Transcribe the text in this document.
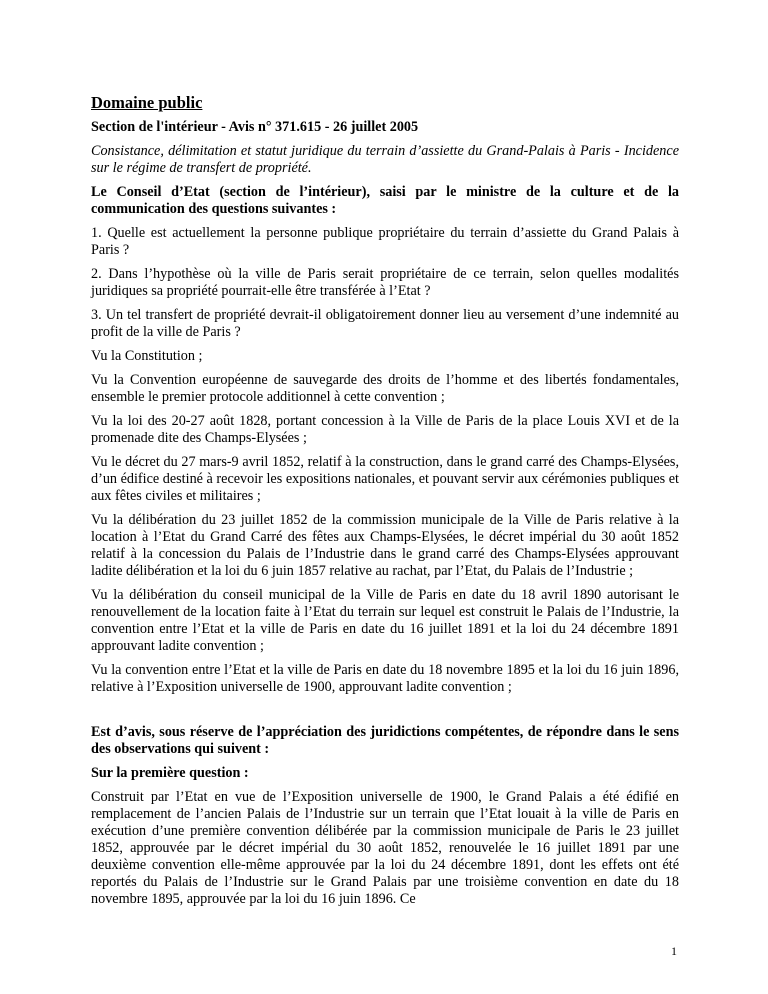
Domaine public
Section de l'intérieur - Avis n° 371.615 - 26 juillet 2005
Consistance, délimitation et statut juridique du terrain d’assiette du Grand-Palais à Paris - Incidence sur le régime de transfert de propriété.
Le Conseil d’Etat (section de l’intérieur), saisi par le ministre de la culture et de la communication des questions suivantes :
1. Quelle est actuellement la personne publique propriétaire du terrain d’assiette du Grand Palais à Paris ?
2. Dans l’hypothèse où la ville de Paris serait propriétaire de ce terrain, selon quelles modalités juridiques sa propriété pourrait-elle être transférée à l’Etat ?
3. Un tel transfert de propriété devrait-il obligatoirement donner lieu au versement d’une indemnité au profit de la ville de Paris ?
Vu la Constitution ;
Vu la Convention européenne de sauvegarde des droits de l’homme et des libertés fondamentales, ensemble le premier protocole additionnel à cette convention ;
Vu la loi des 20-27 août 1828, portant concession à la Ville de Paris de la place Louis XVI et de la promenade dite des Champs-Elysées ;
Vu le décret du 27 mars-9 avril 1852, relatif à la construction, dans le grand carré des Champs-Elysées, d’un édifice destiné à recevoir les expositions nationales, et pouvant servir aux cérémonies publiques et aux fêtes civiles et militaires ;
Vu la délibération du 23 juillet 1852 de la commission municipale de la Ville de Paris relative à la location à l’Etat du Grand Carré des fêtes aux Champs-Elysées, le décret impérial du 30 août 1852 relatif à la concession du Palais de l’Industrie dans le grand carré des Champs-Elysées approuvant ladite délibération et la loi du 6 juin 1857 relative au rachat, par l’Etat, du Palais de l’Industrie ;
Vu la délibération du conseil municipal de la Ville de Paris en date du 18 avril 1890 autorisant le renouvellement de la location faite à l’Etat du terrain sur lequel est construit le Palais de l’Industrie, la convention entre l’Etat et la ville de Paris en date du 16 juillet 1891 et la loi du 24 décembre 1891 approuvant ladite convention ;
Vu la convention entre l’Etat et la ville de Paris en date du 18 novembre 1895 et la loi du 16 juin 1896, relative à l’Exposition universelle de 1900, approuvant ladite convention ;
Est d’avis, sous réserve de l’appréciation des juridictions compétentes, de répondre dans le sens des observations qui suivent :
Sur la première question :
Construit par l’Etat en vue de l’Exposition universelle de 1900, le Grand Palais a été édifié en remplacement de l’ancien Palais de l’Industrie sur un terrain que l’Etat louait à la ville de Paris en exécution d’une première convention délibérée par la commission municipale de Paris le 23 juillet 1852, approuvée par le décret impérial du 30 août 1852, renouvelée le 16 juillet 1891 par une deuxième convention elle-même approuvée par la loi du 24 décembre 1891, dont les effets ont été reportés du Palais de l’Industrie sur le Grand Palais par une troisième convention en date du 18 novembre 1895, approuvée par la loi du 16 juin 1896. Ce
1
